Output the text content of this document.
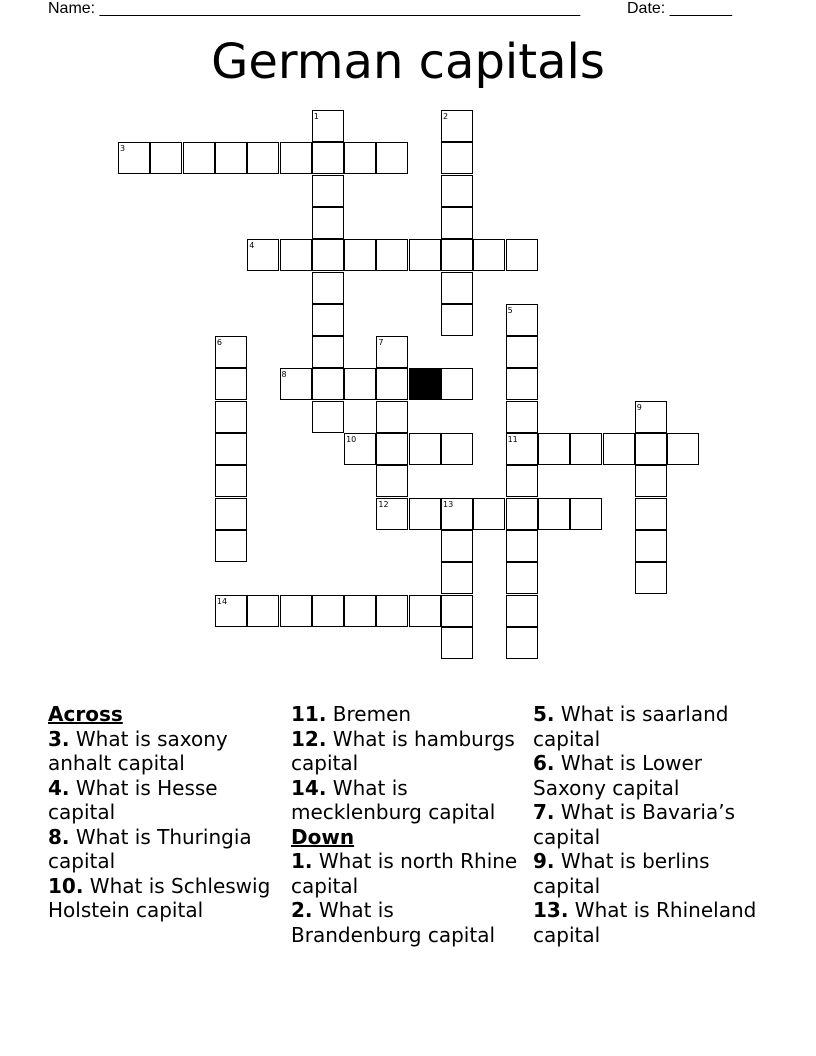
Name: ______________________________________________________	Date: _______
German capitals
1	2
3
4
5
6	7
8
9
10	11
12	13
14
Across
3. What is saxony anhalt capital
4. What is Hesse capital
8. What is Thuringia capital
10. What is Schleswig Holstein capital
11. Bremen
12. What is hamburgs capital
14. What is mecklenburg capital
Down
1. What is north Rhine capital
2. What is Brandenburg capital
5. What is saarland capital
6. What is Lower Saxony capital
7. What is Bavaria’s capital
9. What is berlins capital
13. What is Rhineland capital
